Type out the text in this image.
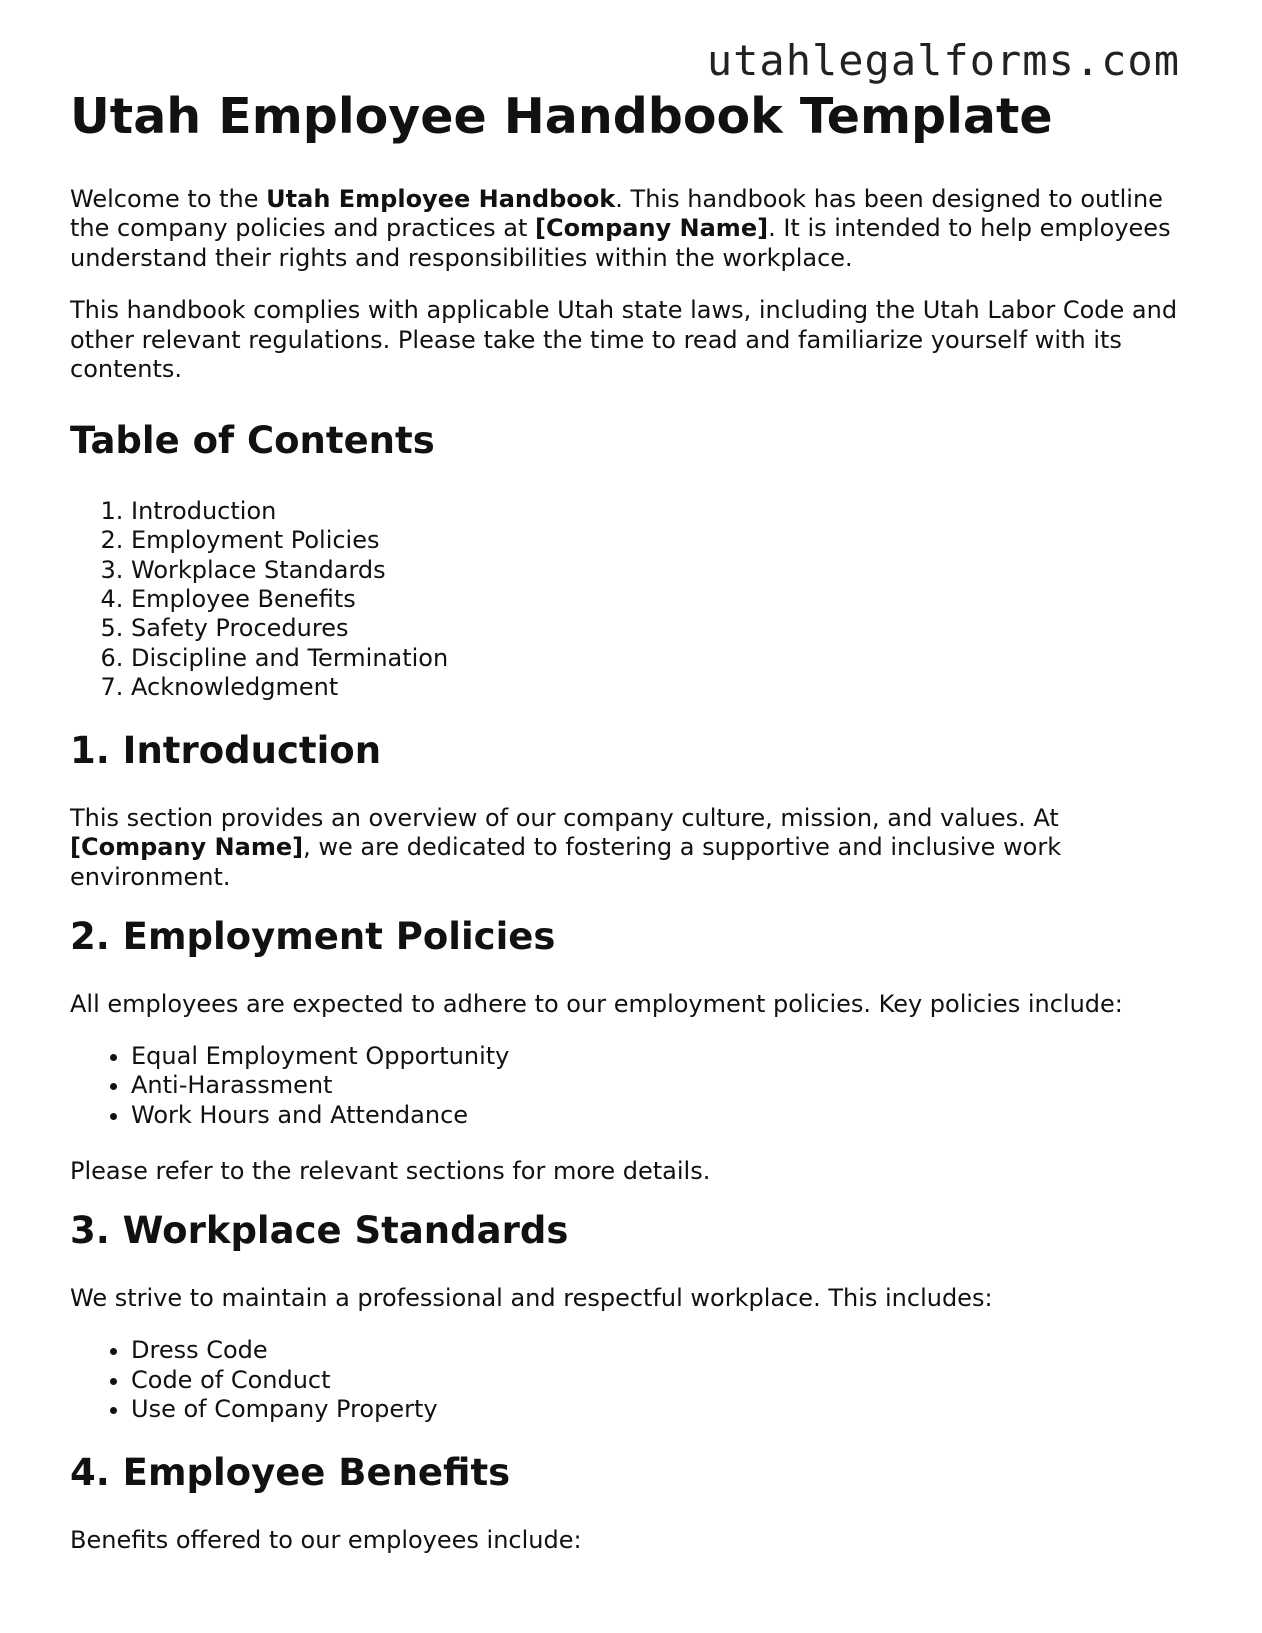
utahlegalforms.com
Utah Employee Handbook Template

Welcome to the Utah Employee Handbook. This handbook has been designed to outline the company policies and practices at [Company Name]. It is intended to help employees understand their rights and responsibilities within the workplace.

This handbook complies with applicable Utah state laws, including the Utah Labor Code and other relevant regulations. Please take the time to read and familiarize yourself with its contents.

Table of Contents
1. Introduction
2. Employment Policies
3. Workplace Standards
4. Employee Benefits
5. Safety Procedures
6. Discipline and Termination
7. Acknowledgment
1. Introduction

This section provides an overview of our company culture, mission, and values. At [Company Name], we are dedicated to fostering a supportive and inclusive work environment.

2. Employment Policies

All employees are expected to adhere to our employment policies. Key policies include:

• Equal Employment Opportunity
• Anti-Harassment
• Work Hours and Attendance

Please refer to the relevant sections for more details.

3. Workplace Standards

We strive to maintain a professional and respectful workplace. This includes:

• Dress Code
• Code of Conduct
• Use of Company Property
4. Employee Benefits

Benefits offered to our employees include:
